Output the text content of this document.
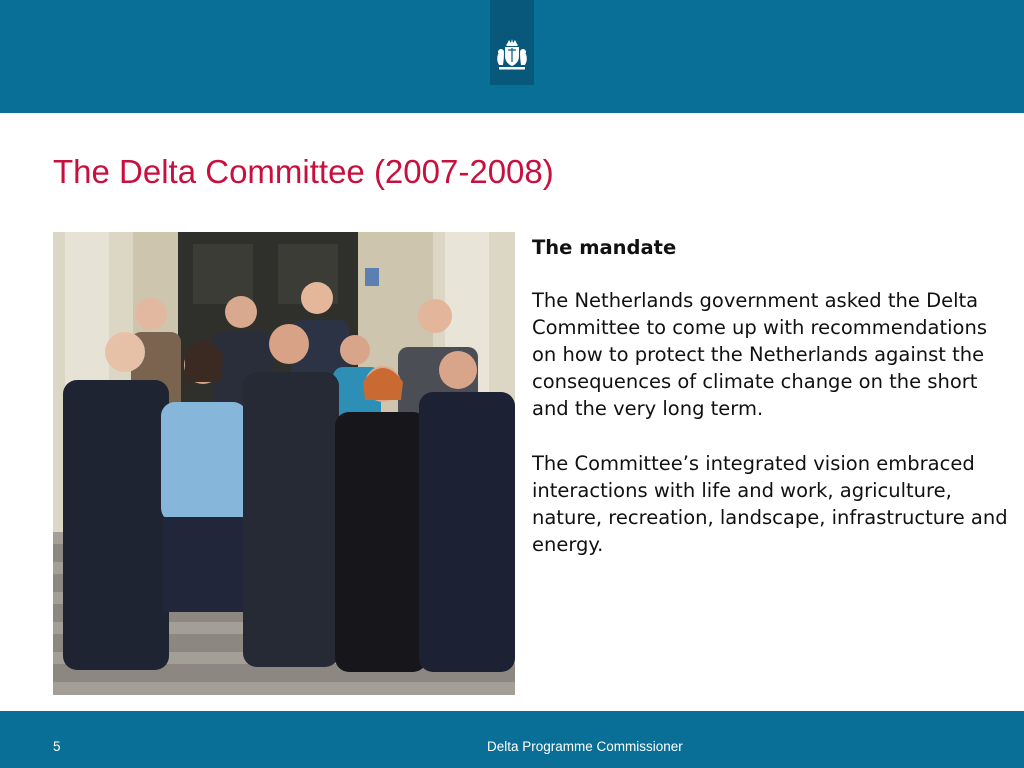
The Delta Committee (2007-2008)
The mandate

The Netherlands government asked the Delta Committee to come up with recommendations on how to protect the Netherlands against the consequences of climate change on the short and the very long term.

The Committee’s integrated vision embraced interactions with life and work, agriculture, nature, recreation, landscape, infrastructure and energy.

5	Delta Programme Commissioner
